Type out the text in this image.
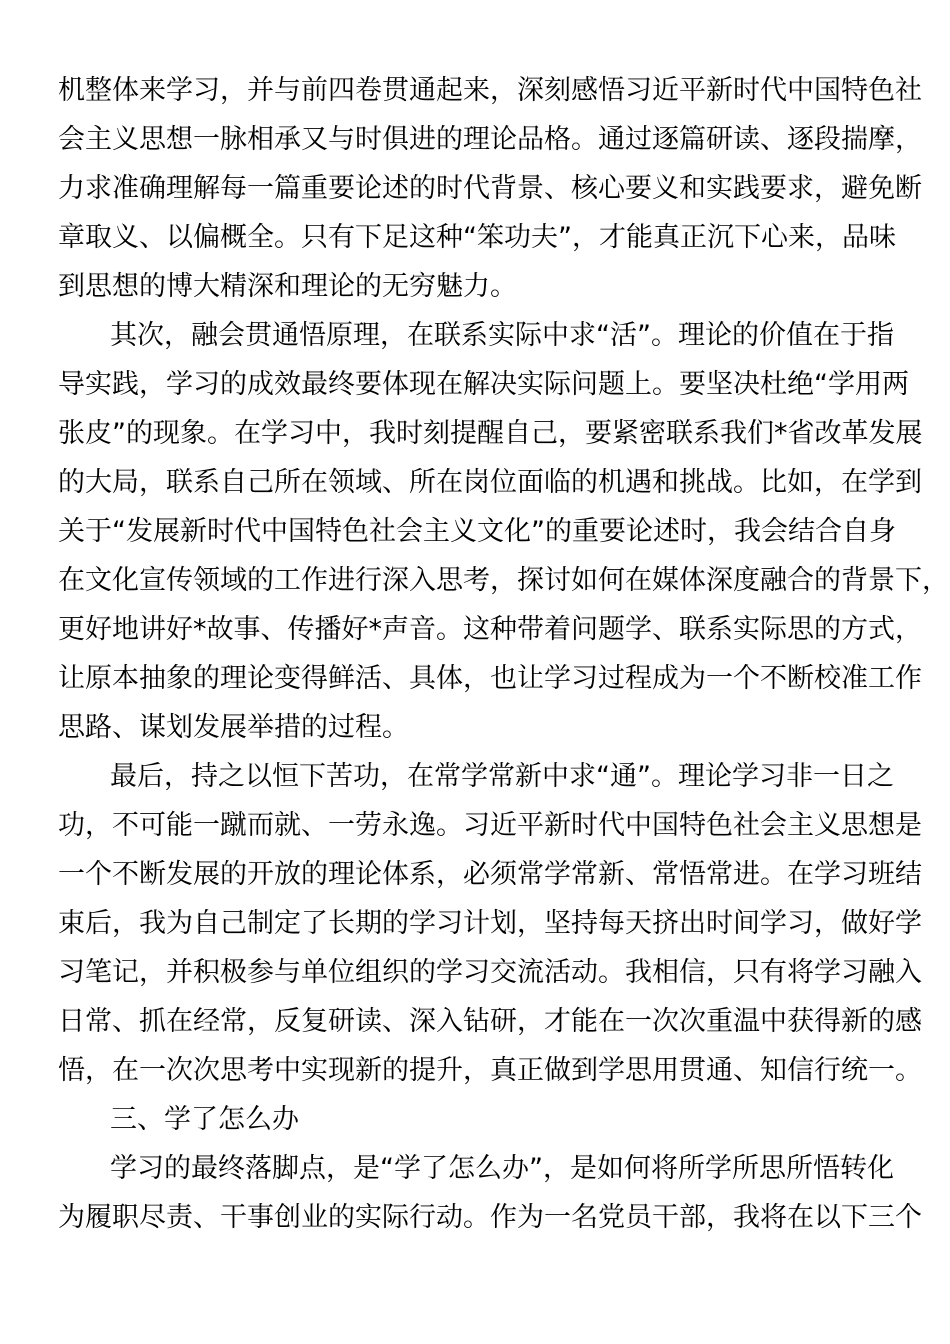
机整体来学习，并与前四卷贯通起来，深刻感悟习近平新时代中国特色社
会主义思想一脉相承又与时俱进的理论品格。通过逐篇研读、逐段揣摩，
力求准确理解每一篇重要论述的时代背景、核心要义和实践要求，避免断
章取义、以偏概全。只有下足这种“笨功夫”，才能真正沉下心来，品味
到思想的博大精深和理论的无穷魅力。
其次，融会贯通悟原理，在联系实际中求“活”。理论的价值在于指
导实践，学习的成效最终要体现在解决实际问题上。要坚决杜绝“学用两
张皮”的现象。在学习中，我时刻提醒自己，要紧密联系我们*省改革发展
的大局，联系自己所在领域、所在岗位面临的机遇和挑战。比如，在学到
关于“发展新时代中国特色社会主义文化”的重要论述时，我会结合自身
在文化宣传领域的工作进行深入思考，探讨如何在媒体深度融合的背景下，
更好地讲好*故事、传播好*声音。这种带着问题学、联系实际思的方式，
让原本抽象的理论变得鲜活、具体，也让学习过程成为一个不断校准工作
思路、谋划发展举措的过程。
最后，持之以恒下苦功，在常学常新中求“通”。理论学习非一日之
功，不可能一蹴而就、一劳永逸。习近平新时代中国特色社会主义思想是
一个不断发展的开放的理论体系，必须常学常新、常悟常进。在学习班结
束后，我为自己制定了长期的学习计划，坚持每天挤出时间学习，做好学
习笔记，并积极参与单位组织的学习交流活动。我相信，只有将学习融入
日常、抓在经常，反复研读、深入钻研，才能在一次次重温中获得新的感
悟，在一次次思考中实现新的提升，真正做到学思用贯通、知信行统一。
三、学了怎么办
学习的最终落脚点，是“学了怎么办”，是如何将所学所思所悟转化
为履职尽责、干事创业的实际行动。作为一名党员干部，我将在以下三个
